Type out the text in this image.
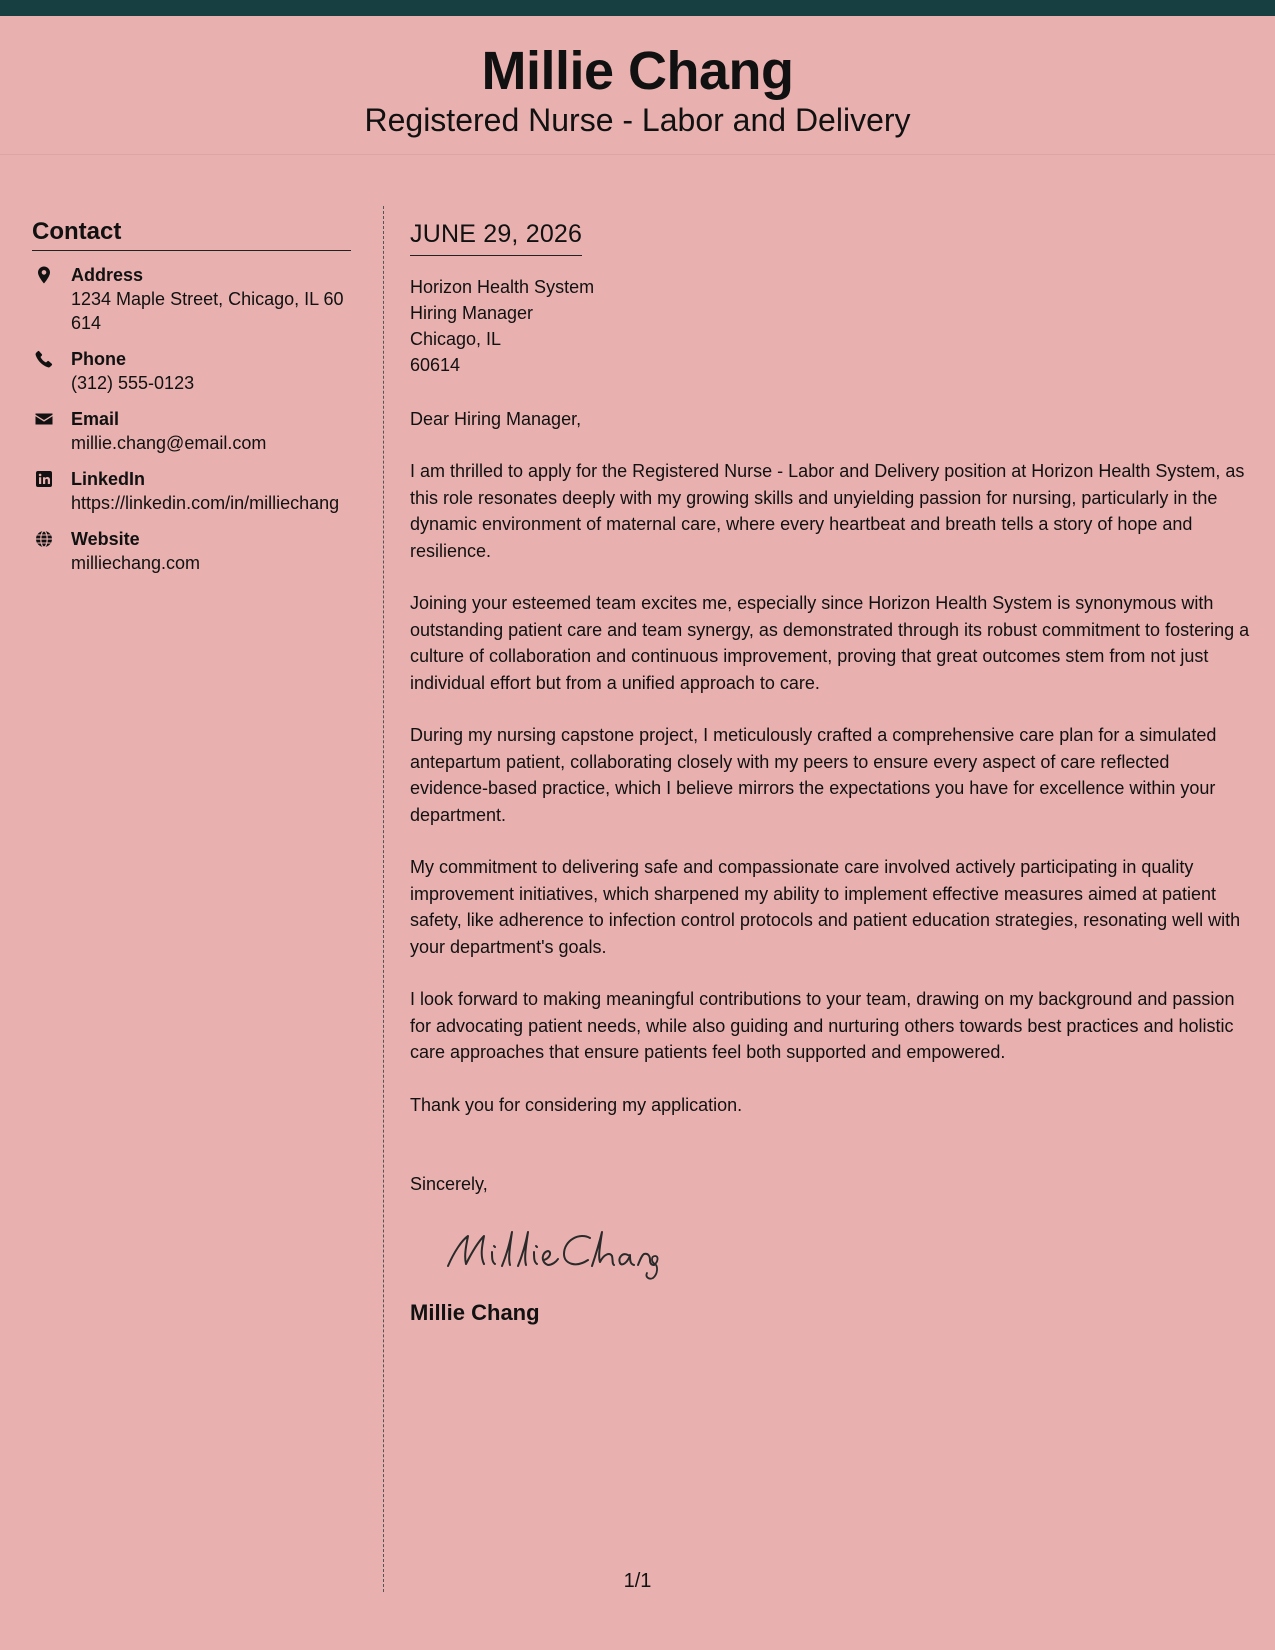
Millie Chang
Registered Nurse - Labor and Delivery
Contact
Address
1234 Maple Street, Chicago, IL 60614
Phone
(312) 555-0123
Email
millie.chang@email.com
LinkedIn
https://linkedin.com/in/milliechang
Website
milliechang.com
JUNE 29, 2026
Horizon Health System
Hiring Manager
Chicago, IL
60614
Dear Hiring Manager,
I am thrilled to apply for the Registered Nurse - Labor and Delivery position at Horizon Health System, as this role resonates deeply with my growing skills and unyielding passion for nursing, particularly in the dynamic environment of maternal care, where every heartbeat and breath tells a story of hope and resilience.
Joining your esteemed team excites me, especially since Horizon Health System is synonymous with outstanding patient care and team synergy, as demonstrated through its robust commitment to fostering a culture of collaboration and continuous improvement, proving that great outcomes stem from not just individual effort but from a unified approach to care.
During my nursing capstone project, I meticulously crafted a comprehensive care plan for a simulated antepartum patient, collaborating closely with my peers to ensure every aspect of care reflected evidence-based practice, which I believe mirrors the expectations you have for excellence within your department.
My commitment to delivering safe and compassionate care involved actively participating in quality improvement initiatives, which sharpened my ability to implement effective measures aimed at patient safety, like adherence to infection control protocols and patient education strategies, resonating well with your department's goals.
I look forward to making meaningful contributions to your team, drawing on my background and passion for advocating patient needs, while also guiding and nurturing others towards best practices and holistic care approaches that ensure patients feel both supported and empowered.
Thank you for considering my application.
Sincerely,
Millie Chang
1/1
